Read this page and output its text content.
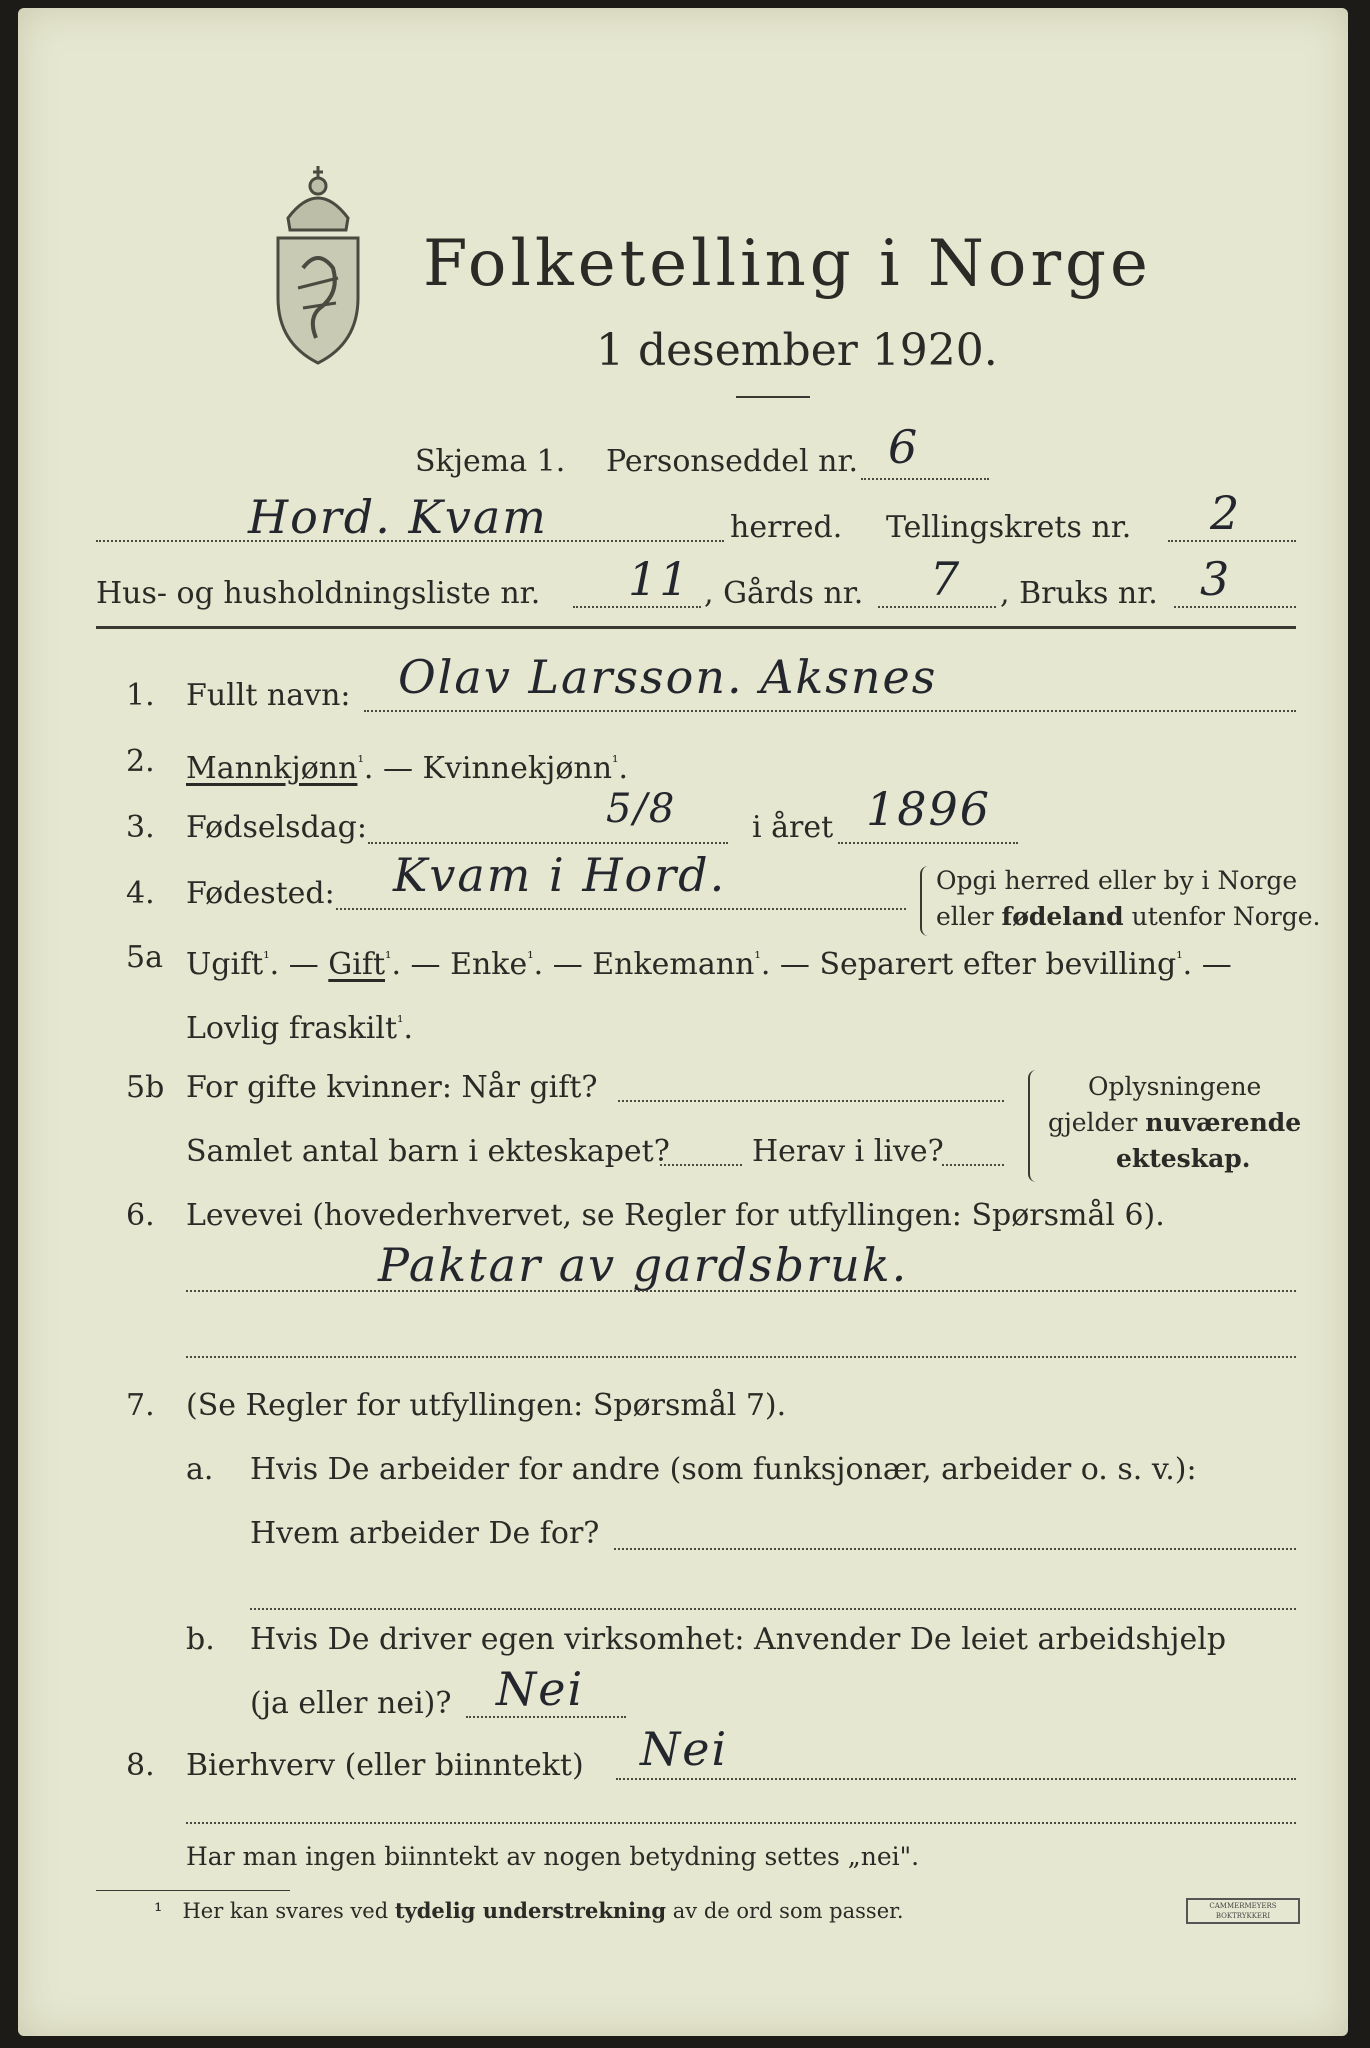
Folketelling i Norge
1 desember 1920.
Skjema 1. Personseddel nr. 6
Hord. Kvam	herred. Tellingskrets nr. 2
Hus- og husholdningsliste nr. 11 , Gårds nr. 7 , Bruks nr. 3
1. Fullt navn: Olav Larsson. Aksnes
2. Mannkjønn$^{^1}$. — Kvinnekjønn$^{^1}$.
3. Fødselsdag:	5/8	i året 1896
4. Fødested: Kvam i Hord.	Opgi herred eller by i Norge
eller fødeland utenfor Norge.
5a Ugift$^{^1}$. — Gift$^{^1}$. — Enke$^{^1}$. — Enkemann$^{^1}$. — Separert efter bevilling$^{^1}$. —
Lovlig fraskilt$^{^1}$.
5b For gifte kvinner: Når gift?
Samlet antal barn i ekteskapet?	Herav i live?
Oplysningene
gjelder nuværende
ekteskap.
6. Levevei (hovederhvervet, se Regler for utfyllingen: Spørsmål 6).
Paktar av gardsbruk.
7. (Se Regler for utfyllingen: Spørsmål 7).
a. Hvis De arbeider for andre (som funksjonær, arbeider o. s. v.):
Hvem arbeider De for?
b. Hvis De driver egen virksomhet: Anvender De leiet arbeidshjelp
(ja eller nei)? Nei
8. Bierhverv (eller biinntekt) Nei
Har man ingen biinntekt av nogen betydning settes „nei".
¹ Her kan svares ved tydelig understrekning av de ord som passer.	CAMMERMEYERS
BOKTRYKKERI
